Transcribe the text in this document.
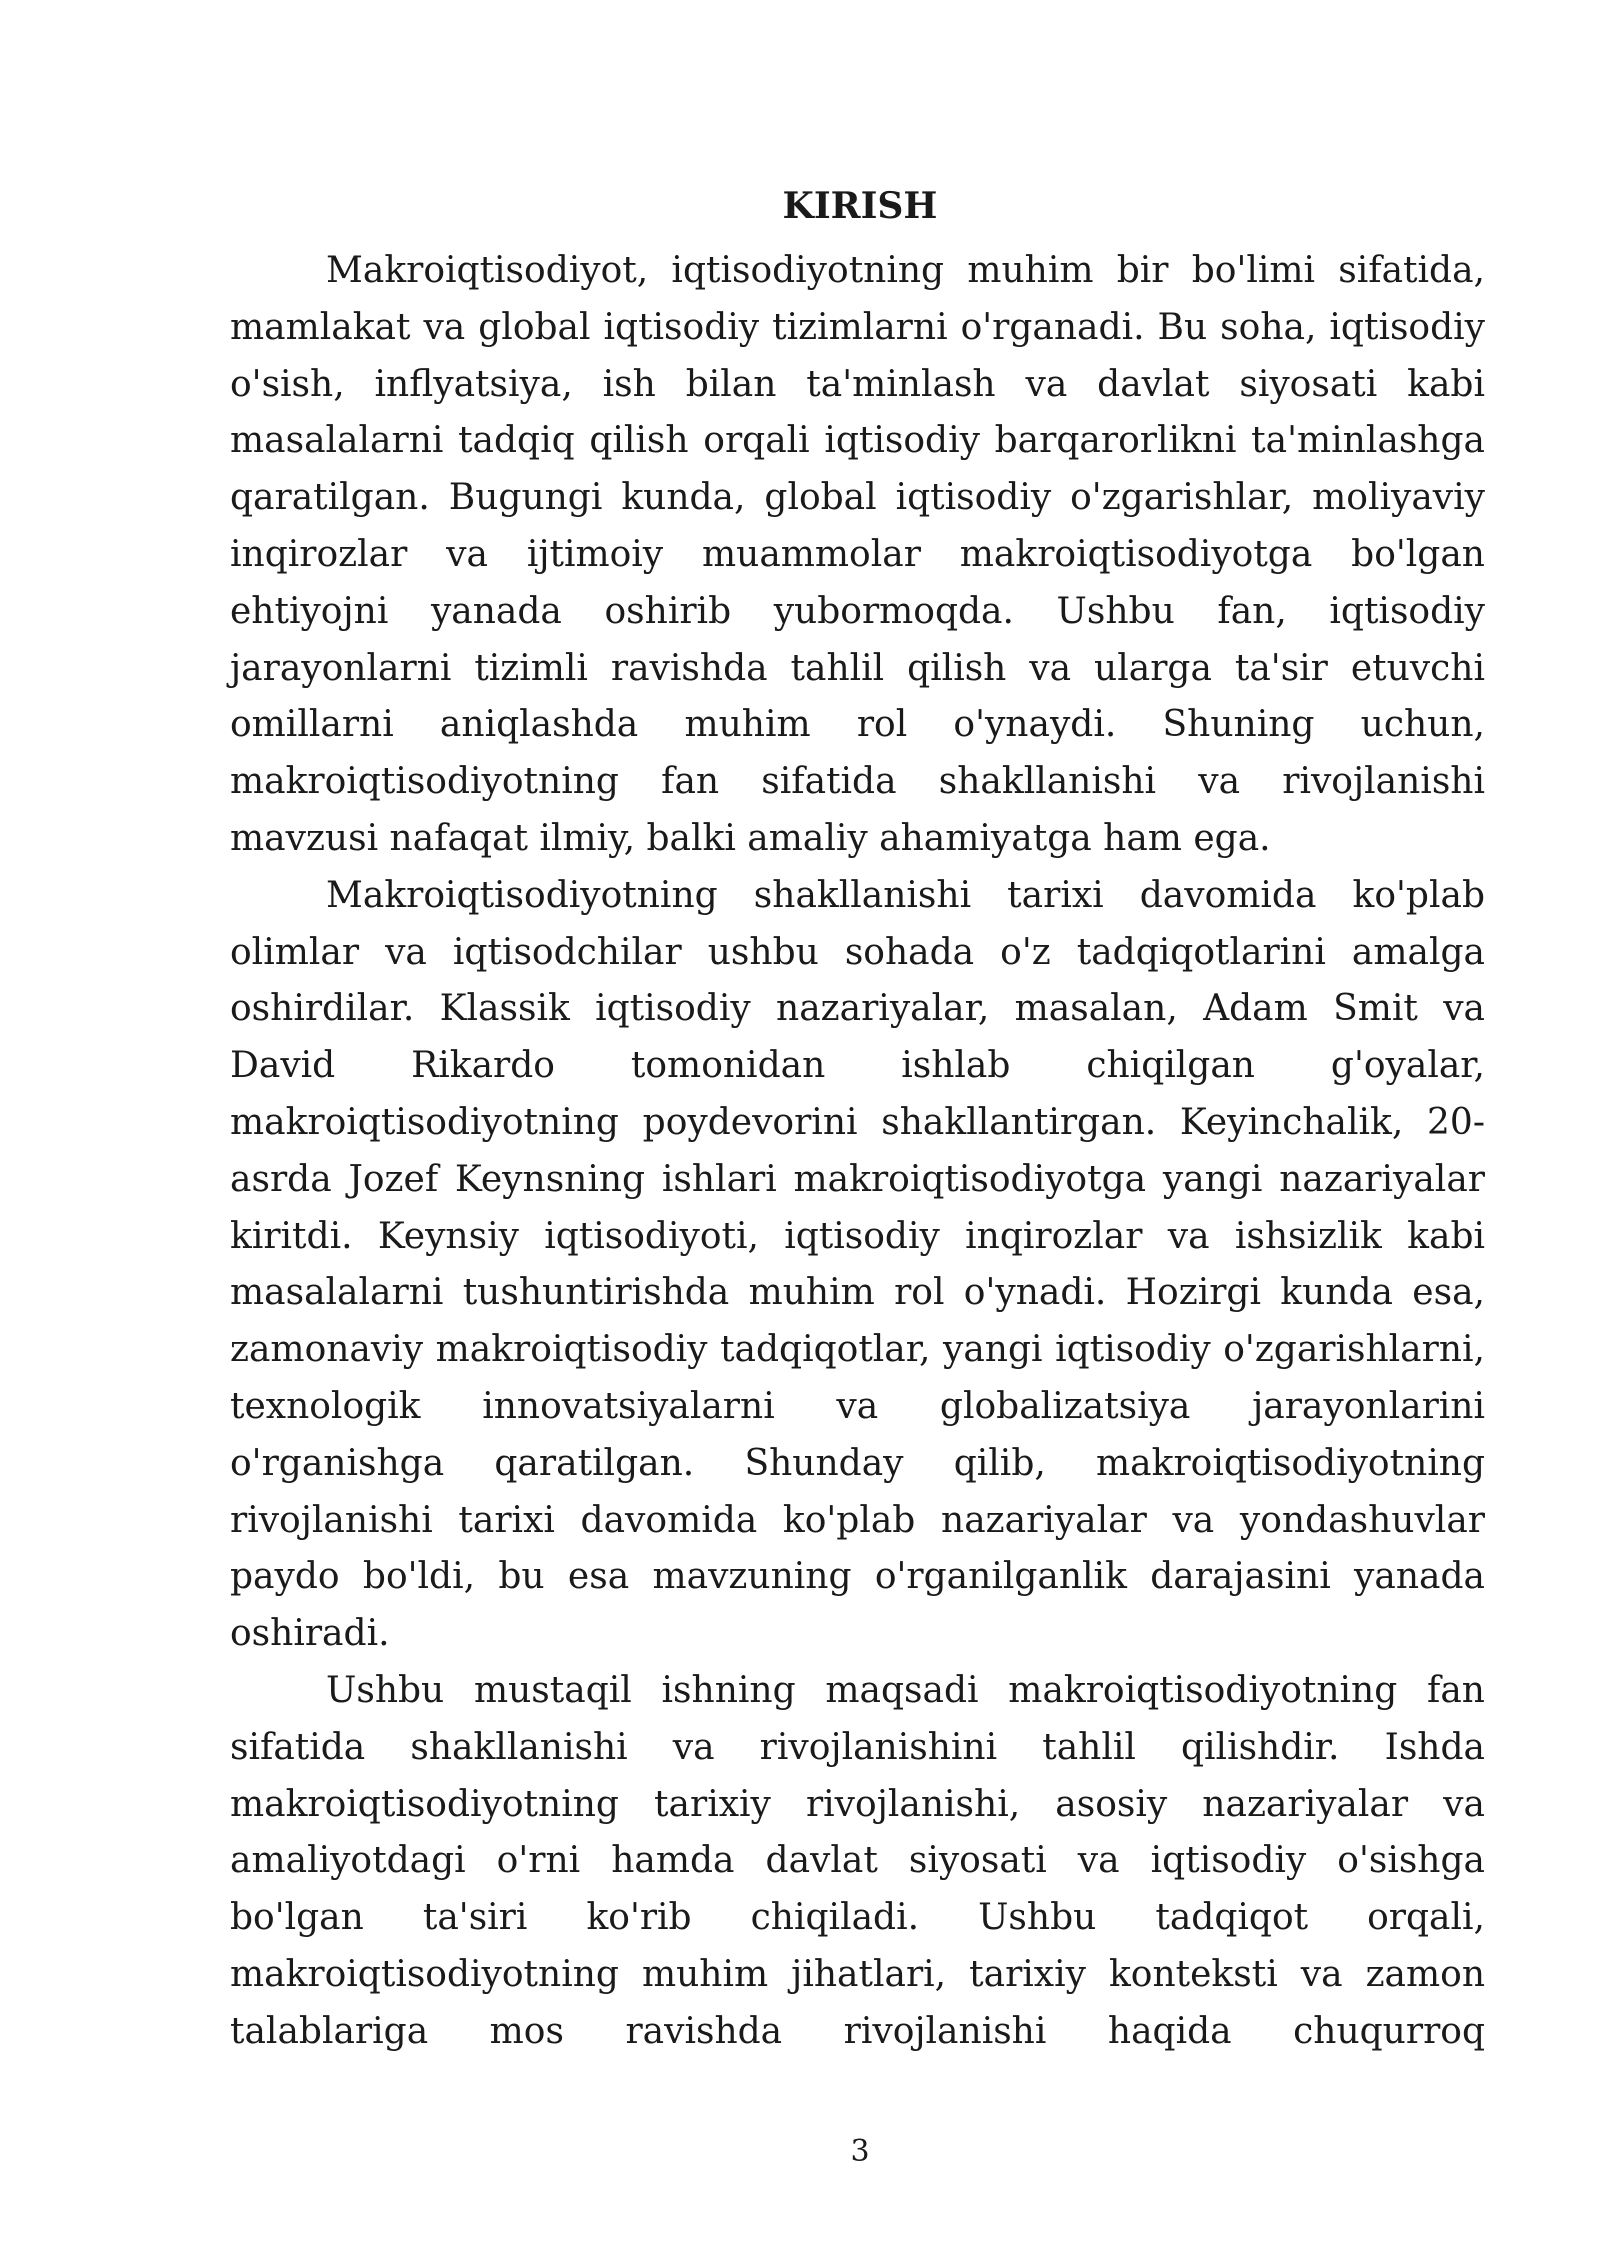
KIRISH

Makroiqtisodiyot, iqtisodiyotning muhim bir bo'limi sifatida, mamlakat va global iqtisodiy tizimlarni o'rganadi. Bu soha, iqtisodiy o'sish, inflyatsiya, ish bilan ta'minlash va davlat siyosati kabi masalalarni tadqiq qilish orqali iqtisodiy barqarorlikni ta'minlashga qaratilgan. Bugungi kunda, global iqtisodiy o'zgarishlar, moliyaviy inqirozlar va ijtimoiy muammolar makroiqtisodiyotga bo'lgan ehtiyojni yanada oshirib yubormoqda. Ushbu fan, iqtisodiy jarayonlarni tizimli ravishda tahlil qilish va ularga ta'sir etuvchi omillarni aniqlashda muhim rol o'ynaydi. Shuning uchun, makroiqtisodiyotning fan sifatida shakllanishi va rivojlanishi mavzusi nafaqat ilmiy, balki amaliy ahamiyatga ham ega.

Makroiqtisodiyotning shakllanishi tarixi davomida ko'plab olimlar va iqtisodchilar ushbu sohada o'z tadqiqotlarini amalga oshirdilar. Klassik iqtisodiy nazariyalar, masalan, Adam Smit va David Rikardo tomonidan ishlab chiqilgan g'oyalar, makroiqtisodiyotning poydevorini shakllantirgan. Keyinchalik, 20-asrda Jozef Keynsning ishlari makroiqtisodiyotga yangi nazariyalar kiritdi. Keynsiy iqtisodiyoti, iqtisodiy inqirozlar va ishsizlik kabi masalalarni tushuntirishda muhim rol o'ynadi. Hozirgi kunda esa, zamonaviy makroiqtisodiy tadqiqotlar, yangi iqtisodiy o'zgarishlarni, texnologik innovatsiyalarni va globalizatsiya jarayonlarini o'rganishga qaratilgan. Shunday qilib, makroiqtisodiyotning rivojlanishi tarixi davomida ko'plab nazariyalar va yondashuvlar paydo bo'ldi, bu esa mavzuning o'rganilganlik darajasini yanada oshiradi.

Ushbu mustaqil ishning maqsadi makroiqtisodiyotning fan sifatida shakllanishi va rivojlanishini tahlil qilishdir. Ishda makroiqtisodiyotning tarixiy rivojlanishi, asosiy nazariyalar va amaliyotdagi o'rni hamda davlat siyosati va iqtisodiy o'sishga bo'lgan ta'siri ko'rib chiqiladi. Ushbu tadqiqot orqali, makroiqtisodiyotning muhim jihatlari, tarixiy konteksti va zamon talablariga mos ravishda rivojlanishi haqida chuqurroq

3
